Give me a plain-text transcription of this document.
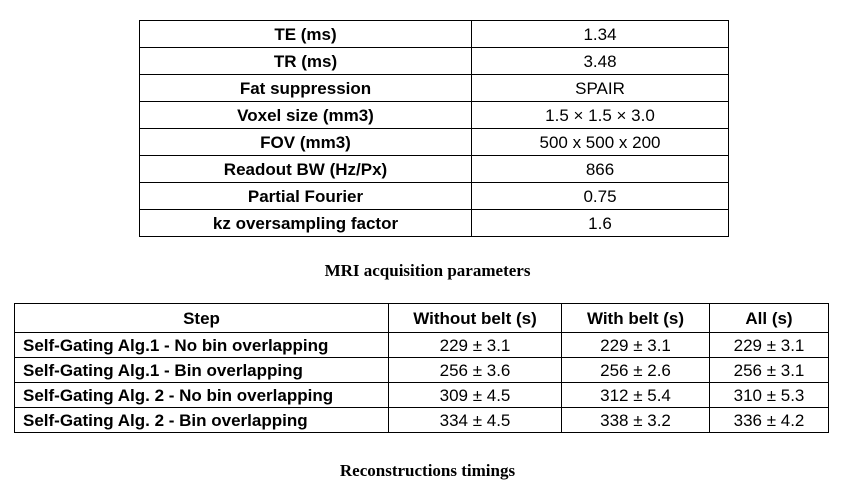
TE (ms)	1.34
TR (ms)	3.48
Fat suppression	SPAIR
Voxel size (mm3)	1.5 × 1.5 × 3.0
FOV (mm3)	500 x 500 x 200
Readout BW (Hz/Px)	866
Partial Fourier	0.75
kz oversampling factor	1.6
MRI acquisition parameters
Step	Without belt (s)	With belt (s)	All (s)
Self-Gating Alg.1 - No bin overlapping	229 ± 3.1	229 ± 3.1	229 ± 3.1
Self-Gating Alg.1 - Bin overlapping	256 ± 3.6	256 ± 2.6	256 ± 3.1
Self-Gating Alg. 2 - No bin overlapping	309 ± 4.5	312 ± 5.4	310 ± 5.3
Self-Gating Alg. 2 - Bin overlapping	334 ± 4.5	338 ± 3.2	336 ± 4.2
Reconstructions timings
